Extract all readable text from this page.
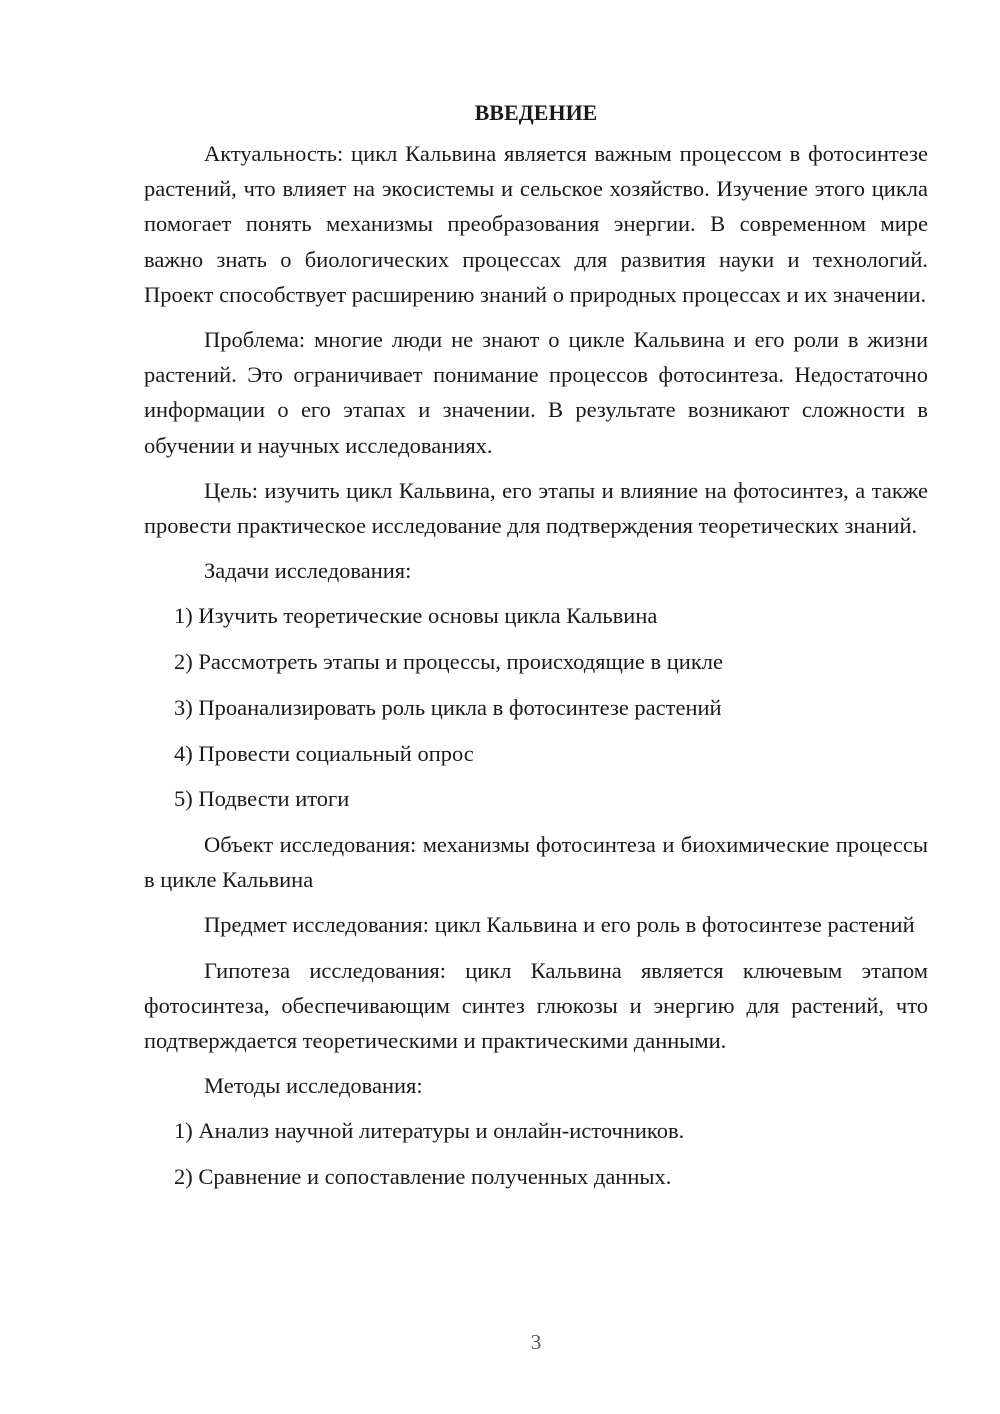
ВВЕДЕНИЕ

Актуальность: цикл Кальвина является важным процессом в фотосинтезе растений, что влияет на экосистемы и сельское хозяйство. Изучение этого цикла помогает понять механизмы преобразования энергии. В современном мире важно знать о биологических процессах для развития науки и технологий. Проект способствует расширению знаний о природных процессах и их значении.

Проблема: многие люди не знают о цикле Кальвина и его роли в жизни растений. Это ограничивает понимание процессов фотосинтеза. Недостаточно информации о его этапах и значении. В результате возникают сложности в обучении и научных исследованиях.

Цель: изучить цикл Кальвина, его этапы и влияние на фотосинтез, а также провести практическое исследование для подтверждения теоретических знаний.

Задачи исследования:

1) Изучить теоретические основы цикла Кальвина

2) Рассмотреть этапы и процессы, происходящие в цикле

3) Проанализировать роль цикла в фотосинтезе растений

4) Провести социальный опрос

5) Подвести итоги

Объект исследования: механизмы фотосинтеза и биохимические процессы в цикле Кальвина

Предмет исследования: цикл Кальвина и его роль в фотосинтезе растений

Гипотеза исследования: цикл Кальвина является ключевым этапом фотосинтеза, обеспечивающим синтез глюкозы и энергию для растений, что подтверждается теоретическими и практическими данными.

Методы исследования:

1) Анализ научной литературы и онлайн-источников.

2) Сравнение и сопоставление полученных данных.

3
